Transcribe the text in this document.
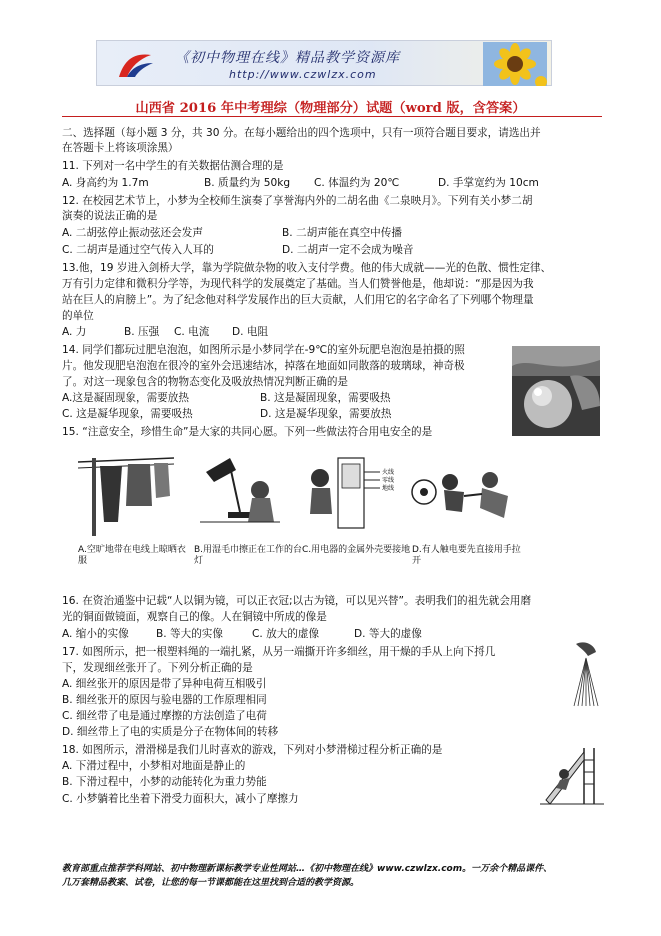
《初中物理在线》精品教学资源库
http://www.czwlzx.com
山西省 2016 年中考理综（物理部分）试题（word 版，含答案）
二、选择题（每小题 3 分，共 30 分。在每小题给出的四个选项中，只有一项符合题目要求，请选出并
在答题卡上将该项涂黑）
11. 下列对一名中学生的有关数据估测合理的是
A. 身高约为 1.7m	B. 质量约为 50kg C. 体温约为 20℃	D. 手掌宽约为 10cm
12. 在校园艺术节上，小梦为全校师生演奏了享誉海内外的二胡名曲《二泉映月》。下列有关小梦二胡
演奏的说法正确的是
A. 二胡弦停止振动弦还会发声	B. 二胡声能在真空中传播
C. 二胡声是通过空气传入人耳的	D. 二胡声一定不会成为噪音
13.他，19 岁进入剑桥大学，靠为学院做杂物的收入支付学费。他的伟大成就——光的色散、惯性定律、
万有引力定律和微积分学等，为现代科学的发展奠定了基础。当人们赞誉他是，他却说：“那是因为我
站在巨人的肩膀上”。为了纪念他对科学发展作出的巨大贡献，人们用它的名字命名了下列哪个物理量
的单位
A. 力	B. 压强 C. 电流 D. 电阻
14. 同学们都玩过肥皂泡泡，如图所示是小梦同学在-9℃的室外玩肥皂泡泡是拍摄的照
片。他发现肥皂泡泡在很冷的室外会迅速结冰，掉落在地面如同散落的玻璃球，神奇极
了。对这一现象包含的物物态变化及吸放热情况判断正确的是
A.这是凝固现象，需要放热	B. 这是凝固现象，需要吸热
C. 这是凝华现象，需要吸热	D. 这是凝华现象，需要放热
15. “注意安全，珍惜生命”是大家的共同心愿。下列一些做法符合用电安全的是
火线
零线
地线
A.空旷地带在电线上晾晒衣服
B.用湿毛巾擦正在工作的台灯
C.用电器的金属外壳要接地 D.有人触电要先直接用手拉开
16. 在资治通鉴中记载“人以铜为镜，可以正衣冠;以古为镜，可以见兴替”。表明我们的祖先就会用磨
光的铜面做镜面，观察自己的像。人在铜镜中所成的像是
A. 缩小的实像	B. 等大的实像	C. 放大的虚像	D. 等大的虚像
17. 如图所示，把一根塑料绳的一端扎紧，从另一端撕开许多细丝，用干燥的手从上向下捋几
下，发现细丝张开了。下列分析正确的是
A. 细丝张开的原因是带了异种电荷互相吸引
B. 细丝张开的原因与验电器的工作原理相同
C. 细丝带了电是通过摩擦的方法创造了电荷
D. 细丝带上了电的实质是分子在物体间的转移
18. 如图所示，滑滑梯是我们儿时喜欢的游戏，下列对小梦滑梯过程分析正确的是
A. 下滑过程中，小梦相对地面是静止的
B. 下滑过程中，小梦的动能转化为重力势能
C. 小梦躺着比坐着下滑受力面积大，减小了摩擦力
教育部重点推荐学科网站、初中物理新课标教学专业性网站…《初中物理在线》www.czwlzx.com。一万余个精品课件、
几万套精品教案、试卷，让您的每一节课都能在这里找到合适的教学资源。
